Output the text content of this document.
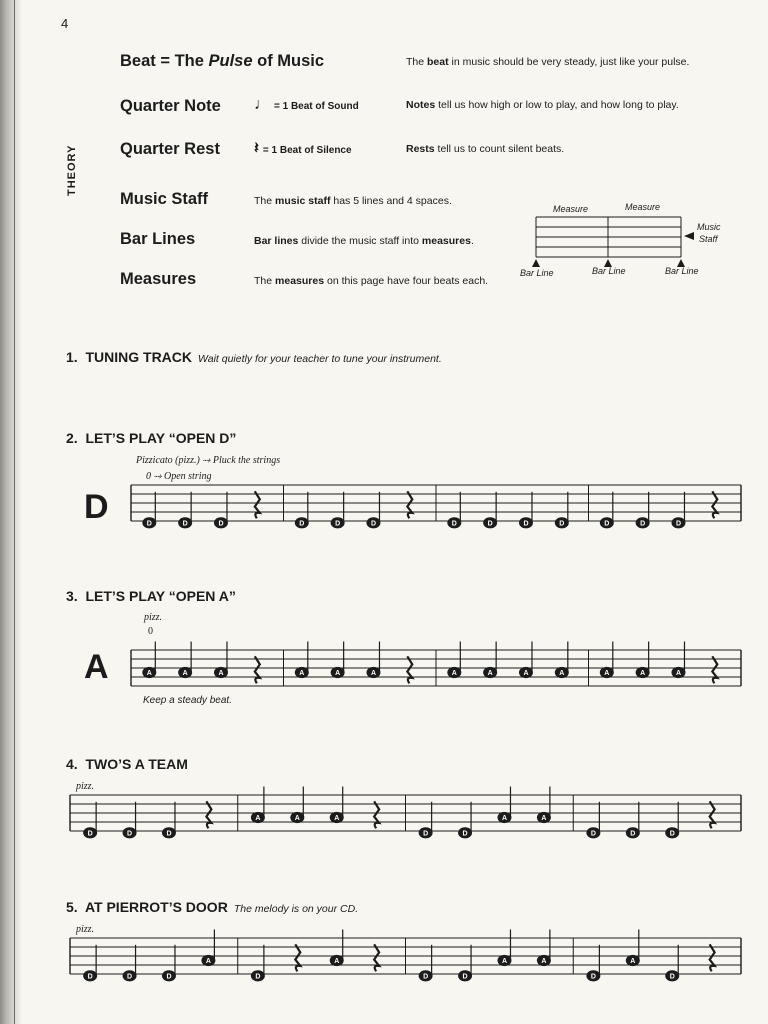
4
THEORY
Beat = The Pulse of Music	The beat in music should be very steady, just like your pulse.
Quarter Note ♩ = 1 Beat of Sound	Notes tell us how high or low to play, and how long to play.
Quarter Rest 𝄽 = 1 Beat of Silence	Rests tell us to count silent beats.
Music Staff	The music staff has 5 lines and 4 spaces.
Bar Lines	Bar lines divide the music staff into measures.
Measures	The measures on this page have four beats each.
Measure	Measure
Music
Staff
Bar Line	Bar Line	Bar Line
1. TUNING TRACK Wait quietly for your teacher to tune your instrument.
2. LET’S PLAY “OPEN D”
Pizzicato (pizz.) ⤑ Pluck the strings
0 ⤑ Open string
D	D	D	D	D	D	D	D	D	D	D	D	D	D
3. LET’S PLAY “OPEN A”
pizz.
0
A	A	A	A	A	A	A	A	A	A	A	A	A	A
Keep a steady beat.
4. TWO’S A TEAM
pizz.
D	D	D
A	A	A
D	D
A	A
D	D	D
5. AT PIERROT’S DOOR The melody is on your CD.
pizz.
D	D	D
A
D
A
D	D
A	A
D
A
D
